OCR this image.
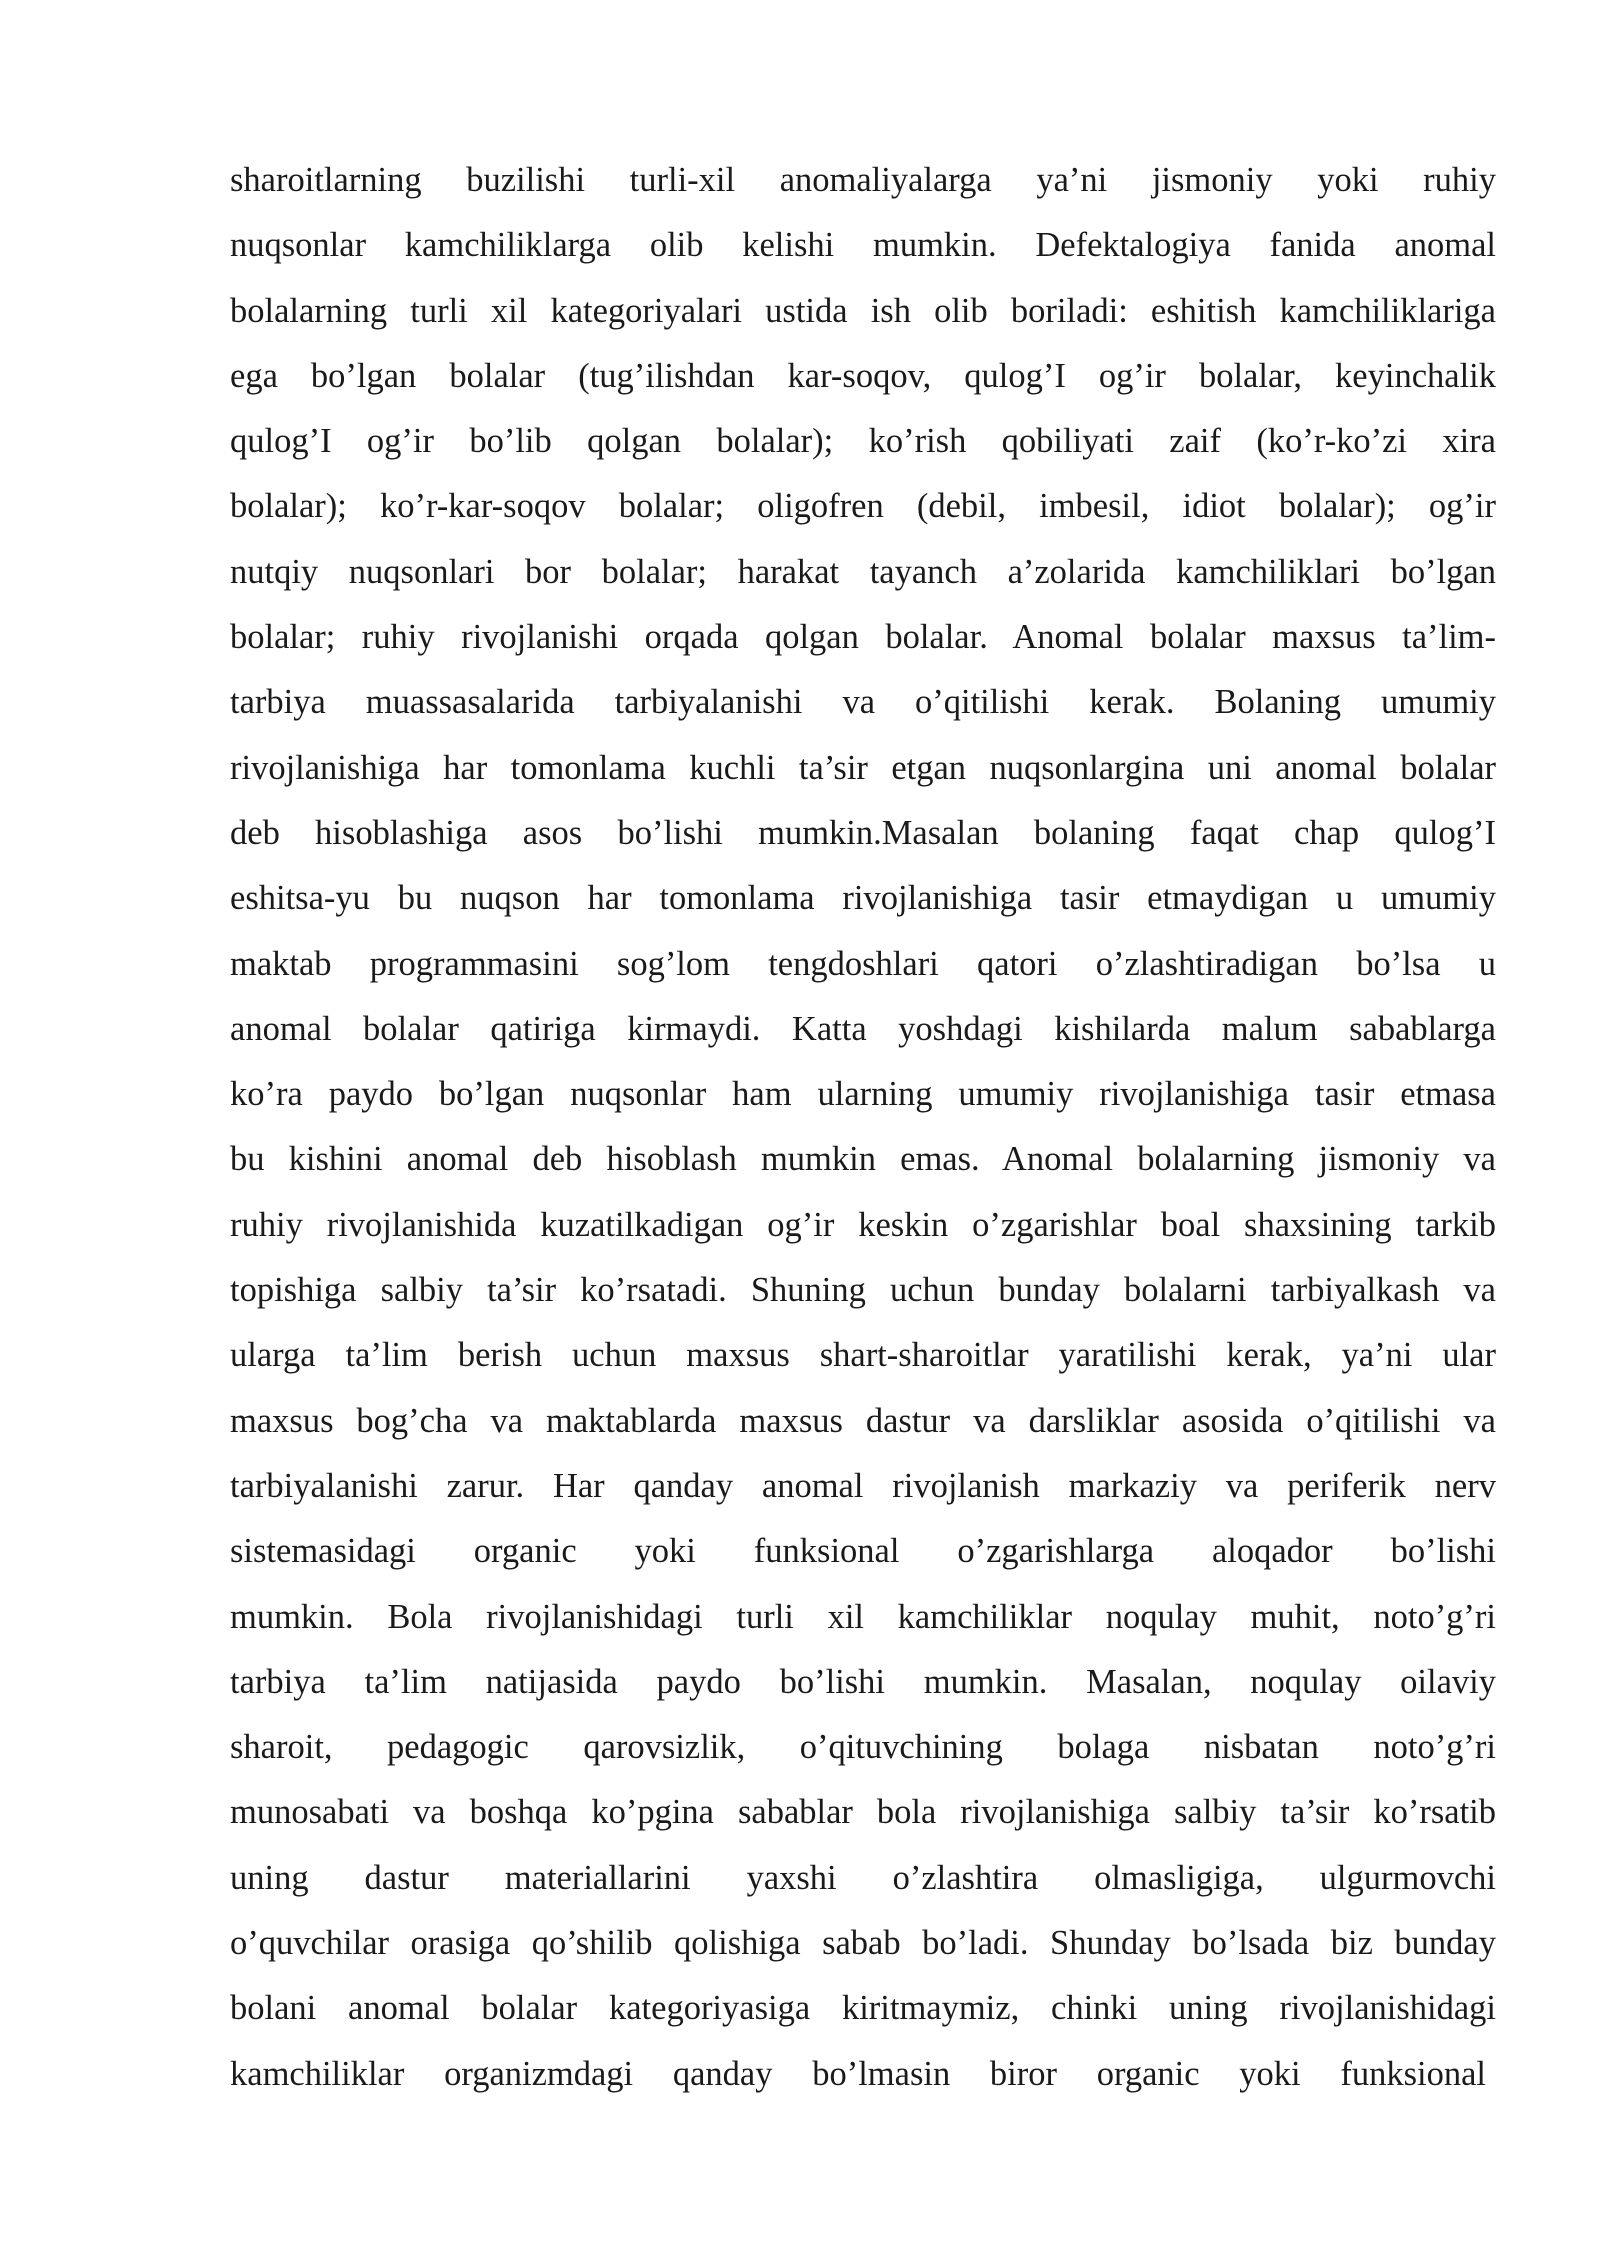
sharoitlarning buzilishi turli-xil anomaliyalarga ya’ni jismoniy yoki ruhiy
nuqsonlar kamchiliklarga olib kelishi mumkin. Defektalogiya fanida anomal
bolalarning turli xil kategoriyalari ustida ish olib boriladi: eshitish kamchiliklariga
ega bo’lgan bolalar (tug’ilishdan kar-soqov, qulog’I og’ir bolalar, keyinchalik
qulog’I og’ir bo’lib qolgan bolalar); ko’rish qobiliyati zaif (ko’r-ko’zi xira
bolalar); ko’r-kar-soqov bolalar; oligofren (debil, imbesil, idiot bolalar); og’ir
nutqiy nuqsonlari bor bolalar; harakat tayanch a’zolarida kamchiliklari bo’lgan
bolalar; ruhiy rivojlanishi orqada qolgan bolalar. Anomal bolalar maxsus ta’lim-
tarbiya muassasalarida tarbiyalanishi va o’qitilishi kerak. Bolaning umumiy
rivojlanishiga har tomonlama kuchli ta’sir etgan nuqsonlargina uni anomal bolalar
deb hisoblashiga asos bo’lishi mumkin.Masalan bolaning faqat chap qulog’I
eshitsa-yu bu nuqson har tomonlama rivojlanishiga tasir etmaydigan u umumiy
maktab programmasini sog’lom tengdoshlari qatori o’zlashtiradigan bo’lsa u
anomal bolalar qatiriga kirmaydi. Katta yoshdagi kishilarda malum sabablarga
ko’ra paydo bo’lgan nuqsonlar ham ularning umumiy rivojlanishiga tasir etmasa
bu kishini anomal deb hisoblash mumkin emas. Anomal bolalarning jismoniy va
ruhiy rivojlanishida kuzatilkadigan og’ir keskin o’zgarishlar boal shaxsining tarkib
topishiga salbiy ta’sir ko’rsatadi. Shuning uchun bunday bolalarni tarbiyalkash va
ularga ta’lim berish uchun maxsus shart-sharoitlar yaratilishi kerak, ya’ni ular
maxsus bog’cha va maktablarda maxsus dastur va darsliklar asosida o’qitilishi va
tarbiyalanishi zarur. Har qanday anomal rivojlanish markaziy va periferik nerv
sistemasidagi organic yoki funksional o’zgarishlarga aloqador bo’lishi
mumkin. Bola rivojlanishidagi turli xil kamchiliklar noqulay muhit, noto’g’ri
tarbiya ta’lim natijasida paydo bo’lishi mumkin. Masalan, noqulay oilaviy
sharoit, pedagogic qarovsizlik, o’qituvchining bolaga nisbatan noto’g’ri
munosabati va boshqa ko’pgina sabablar bola rivojlanishiga salbiy ta’sir ko’rsatib
uning dastur materiallarini yaxshi o’zlashtira olmasligiga, ulgurmovchi
o’quvchilar orasiga qo’shilib qolishiga sabab bo’ladi. Shunday bo’lsada biz bunday
bolani anomal bolalar kategoriyasiga kiritmaymiz, chinki uning rivojlanishidagi
kamchiliklar organizmdagi qanday bo’lmasin biror organic yoki funksional
